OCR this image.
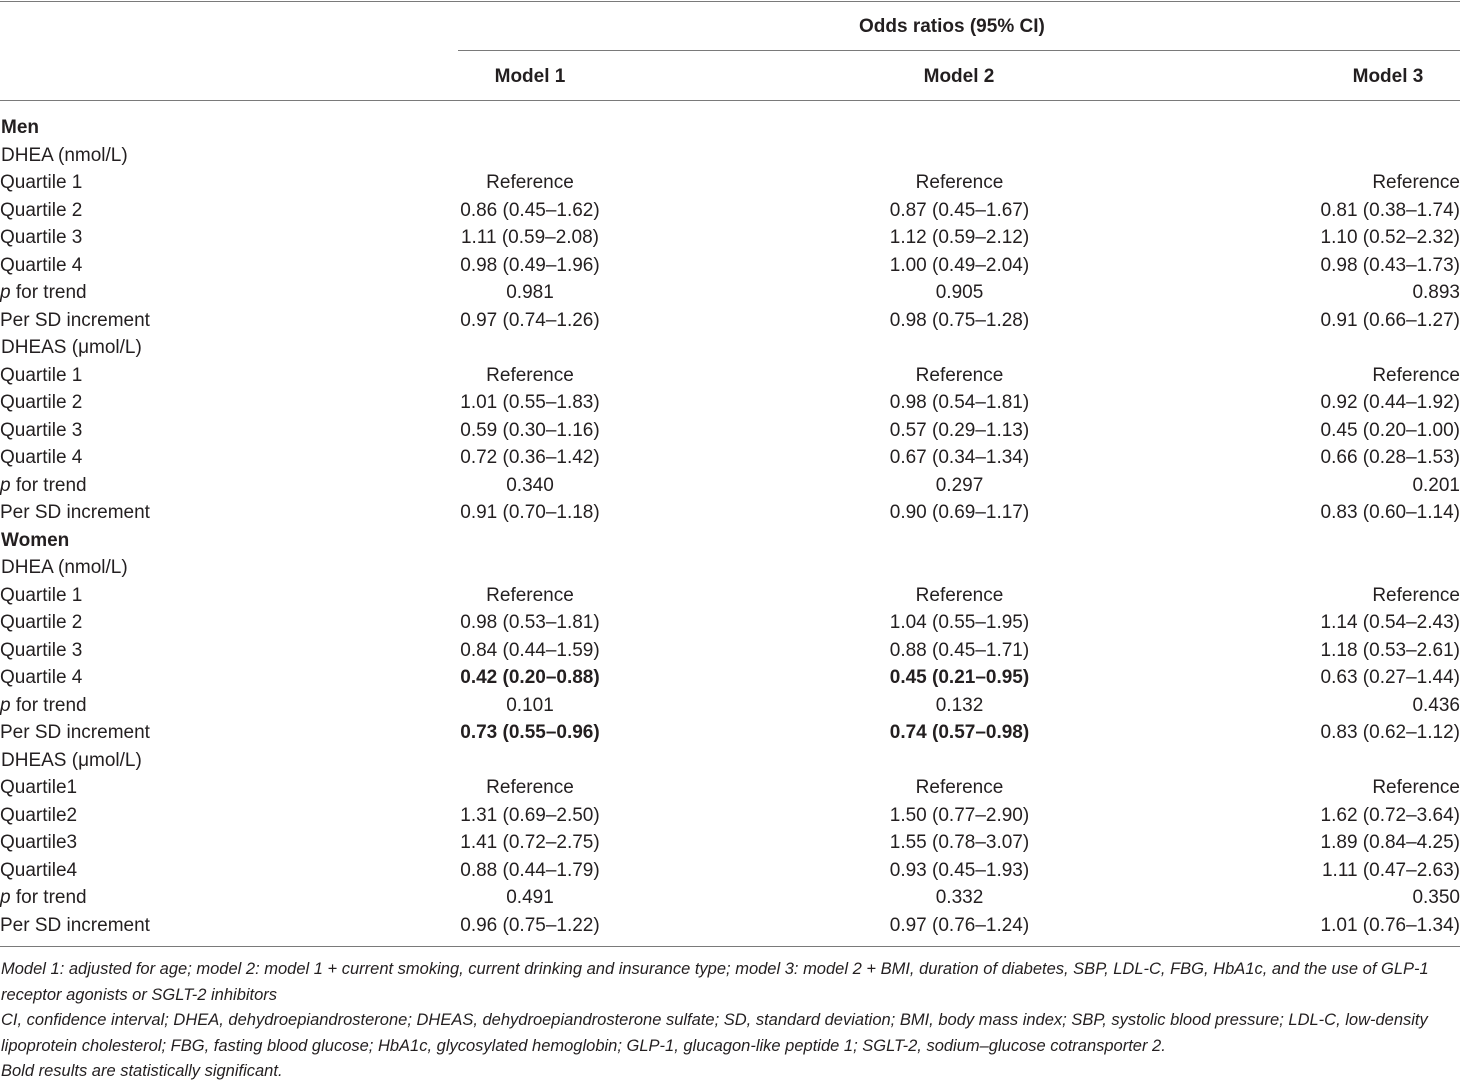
Odds ratios (95% CI)
Model 1	Model 2	Model 3
Men			
DHEA (nmol/L)			
Quartile 1	Reference	Reference	Reference
Quartile 2	0.86 (0.45–1.62)	0.87 (0.45–1.67)	0.81 (0.38–1.74)
Quartile 3	1.11 (0.59–2.08)	1.12 (0.59–2.12)	1.10 (0.52–2.32)
Quartile 4	0.98 (0.49–1.96)	1.00 (0.49–2.04)	0.98 (0.43–1.73)
p for trend	0.981	0.905	0.893
Per SD increment	0.97 (0.74–1.26)	0.98 (0.75–1.28)	0.91 (0.66–1.27)
DHEAS (μmol/L)			
Quartile 1	Reference	Reference	Reference
Quartile 2	1.01 (0.55–1.83)	0.98 (0.54–1.81)	0.92 (0.44–1.92)
Quartile 3	0.59 (0.30–1.16)	0.57 (0.29–1.13)	0.45 (0.20–1.00)
Quartile 4	0.72 (0.36–1.42)	0.67 (0.34–1.34)	0.66 (0.28–1.53)
p for trend	0.340	0.297	0.201
Per SD increment	0.91 (0.70–1.18)	0.90 (0.69–1.17)	0.83 (0.60–1.14)
Women			
DHEA (nmol/L)			
Quartile 1	Reference	Reference	Reference
Quartile 2	0.98 (0.53–1.81)	1.04 (0.55–1.95)	1.14 (0.54–2.43)
Quartile 3	0.84 (0.44–1.59)	0.88 (0.45–1.71)	1.18 (0.53–2.61)
Quartile 4	0.42 (0.20–0.88)	0.45 (0.21–0.95)	0.63 (0.27–1.44)
p for trend	0.101	0.132	0.436
Per SD increment	0.73 (0.55–0.96)	0.74 (0.57–0.98)	0.83 (0.62–1.12)
DHEAS (μmol/L)			
Quartile1	Reference	Reference	Reference
Quartile2	1.31 (0.69–2.50)	1.50 (0.77–2.90)	1.62 (0.72–3.64)
Quartile3	1.41 (0.72–2.75)	1.55 (0.78–3.07)	1.89 (0.84–4.25)
Quartile4	0.88 (0.44–1.79)	0.93 (0.45–1.93)	1.11 (0.47–2.63)
p for trend	0.491	0.332	0.350
Per SD increment	0.96 (0.75–1.22)	0.97 (0.76–1.24)	1.01 (0.76–1.34)

Model 1: adjusted for age; model 2: model 1 + current smoking, current drinking and insurance type; model 3: model 2 + BMI, duration of diabetes, SBP, LDL-C, FBG, HbA1c, and the use of GLP-1 receptor agonists or SGLT-2 inhibitors

CI, confidence interval; DHEA, dehydroepiandrosterone; DHEAS, dehydroepiandrosterone sulfate; SD, standard deviation; BMI, body mass index; SBP, systolic blood pressure; LDL-C, low-density lipoprotein cholesterol; FBG, fasting blood glucose; HbA1c, glycosylated hemoglobin; GLP-1, glucagon-like peptide 1; SGLT-2, sodium–glucose cotransporter 2.

Bold results are statistically significant.
